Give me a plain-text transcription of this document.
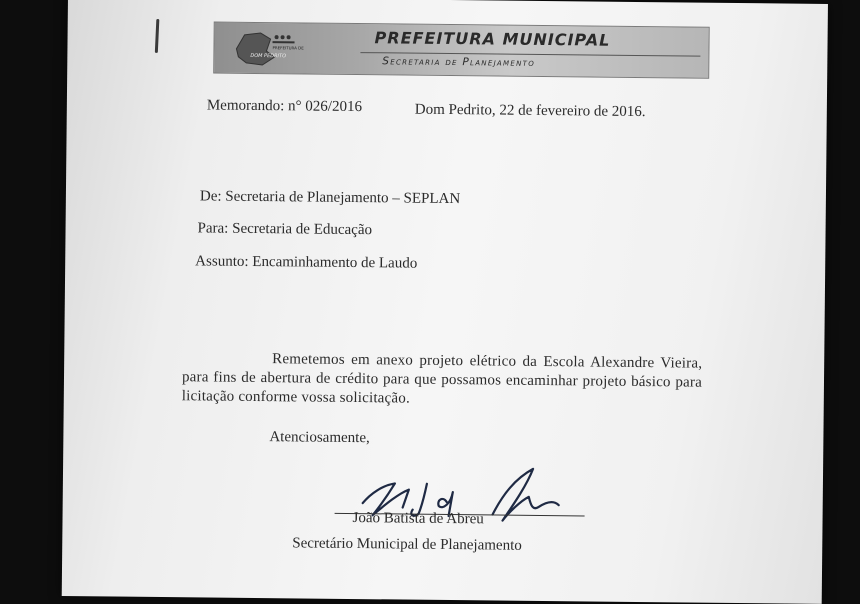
PREFEITURA DE
DOM PEDRITO
PREFEITURA MUNICIPAL
Secretaria de Planejamento
Memorando: n° 026/2016	Dom Pedrito, 22 de fevereiro de 2016.
De: Secretaria de Planejamento – SEPLAN
Para: Secretaria de Educação
Assunto: Encaminhamento de Laudo
Remetemos em anexo projeto elétrico da Escola Alexandre Vieira, para fins de abertura de crédito para que possamos encaminhar projeto básico para licitação conforme vossa solicitação.
Atenciosamente,
João Batista de Abreu
Secretário Municipal de Planejamento
